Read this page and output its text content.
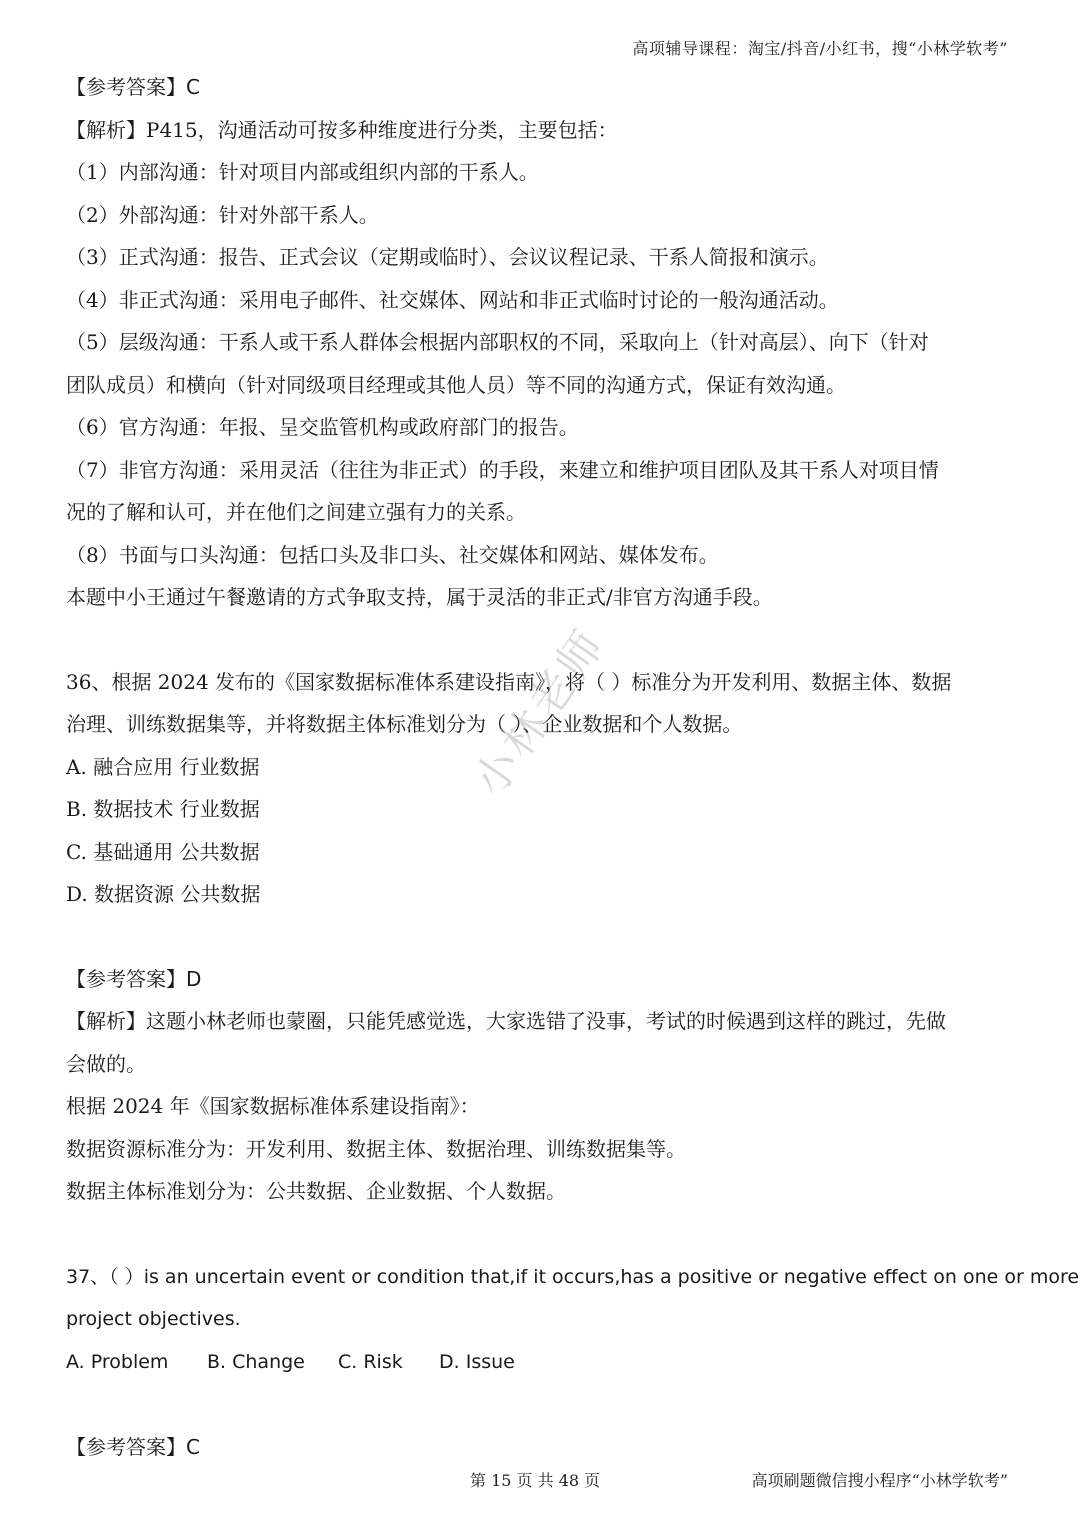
高项辅导课程：淘宝/抖音/小红书，搜“小林学软考”
【参考答案】C
【解析】P415，沟通活动可按多种维度进行分类，主要包括：
（1）内部沟通：针对项目内部或组织内部的干系人。
（2）外部沟通：针对外部干系人。
（3）正式沟通：报告、正式会议（定期或临时）、会议议程记录、干系人简报和演示。
（4）非正式沟通：采用电子邮件、社交媒体、网站和非正式临时讨论的一般沟通活动。
（5）层级沟通：干系人或干系人群体会根据内部职权的不同，采取向上（针对高层）、向下（针对
团队成员）和横向（针对同级项目经理或其他人员）等不同的沟通方式，保证有效沟通。
（6）官方沟通：年报、呈交监管机构或政府部门的报告。
（7）非官方沟通：采用灵活（往往为非正式）的手段，来建立和维护项目团队及其干系人对项目情
况的了解和认可，并在他们之间建立强有力的关系。
（8）书面与口头沟通：包括口头及非口头、社交媒体和网站、媒体发布。
本题中小王通过午餐邀请的方式争取支持，属于灵活的非正式/非官方沟通手段。
36、根据 2024 发布的《国家数据标准体系建设指南》，将（ ）标准分为开发利用、数据主体、数据
治理、训练数据集等，并将数据主体标准划分为（ ）、企业数据和个人数据。
A. 融合应用 行业数据
B. 数据技术 行业数据
C. 基础通用 公共数据
D. 数据资源 公共数据
【参考答案】D
【解析】这题小林老师也蒙圈，只能凭感觉选，大家选错了没事，考试的时候遇到这样的跳过，先做
会做的。
根据 2024 年《国家数据标准体系建设指南》：
数据资源标准分为：开发利用、数据主体、数据治理、训练数据集等。
数据主体标准划分为：公共数据、企业数据、个人数据。
37、（ ）is an uncertain event or condition that,if it occurs,has a positive or negative effect on one or more
project objectives.
A. Problem B. Change C. Risk D. Issue
【参考答案】C
小林老师
第 15 页 共 48 页	高项刷题微信搜小程序“小林学软考”
